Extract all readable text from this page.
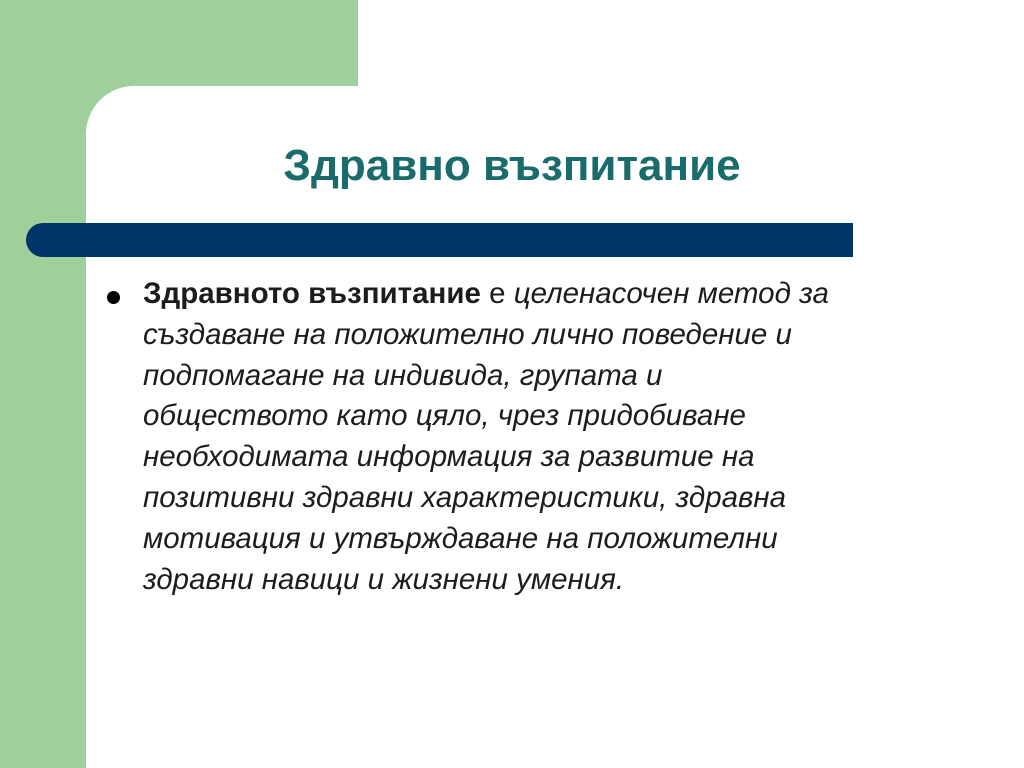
Здравно възпитание
Здравното възпитание е целенасочен метод за
създаване на положително лично поведение и
подпомагане на индивида, групата и
обществото като цяло, чрез придобиване
необходимата информация за развитие на
позитивни здравни характеристики, здравна
мотивация и утвърждаване на положителни
здравни навици и жизнени умения.
